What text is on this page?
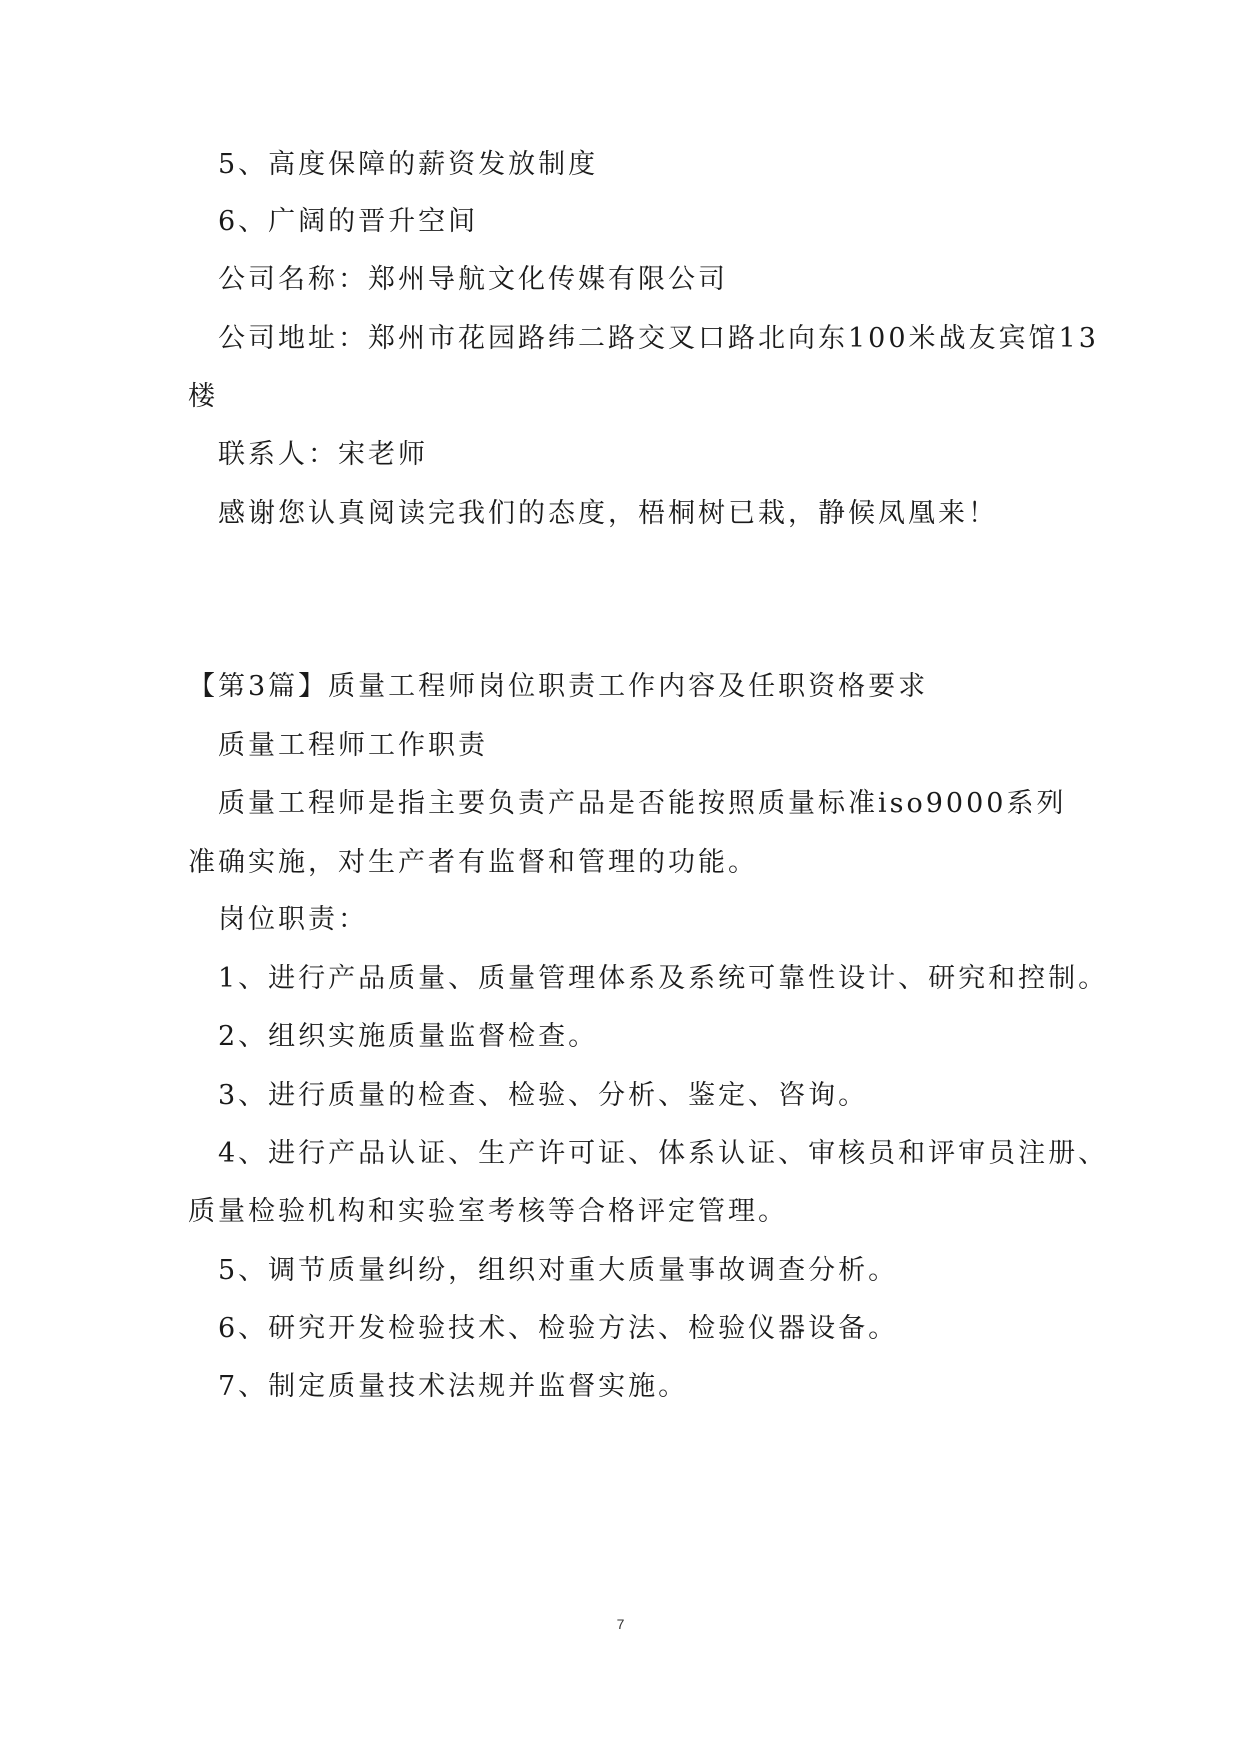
5、高度保障的薪资发放制度
6、广阔的晋升空间
公司名称：郑州导航文化传媒有限公司
公司地址：郑州市花园路纬二路交叉口路北向东100米战友宾馆13
楼
联系人：宋老师
感谢您认真阅读完我们的态度，梧桐树已栽，静候凤凰来！
【第3篇】质量工程师岗位职责工作内容及任职资格要求
质量工程师工作职责
质量工程师是指主要负责产品是否能按照质量标准iso9000系列
准确实施，对生产者有监督和管理的功能。
岗位职责：
1、进行产品质量、质量管理体系及系统可靠性设计、研究和控制。
2、组织实施质量监督检查。
3、进行质量的检查、检验、分析、鉴定、咨询。
4、进行产品认证、生产许可证、体系认证、审核员和评审员注册、
质量检验机构和实验室考核等合格评定管理。
5、调节质量纠纷，组织对重大质量事故调查分析。
6、研究开发检验技术、检验方法、检验仪器设备。
7、制定质量技术法规并监督实施。
7
